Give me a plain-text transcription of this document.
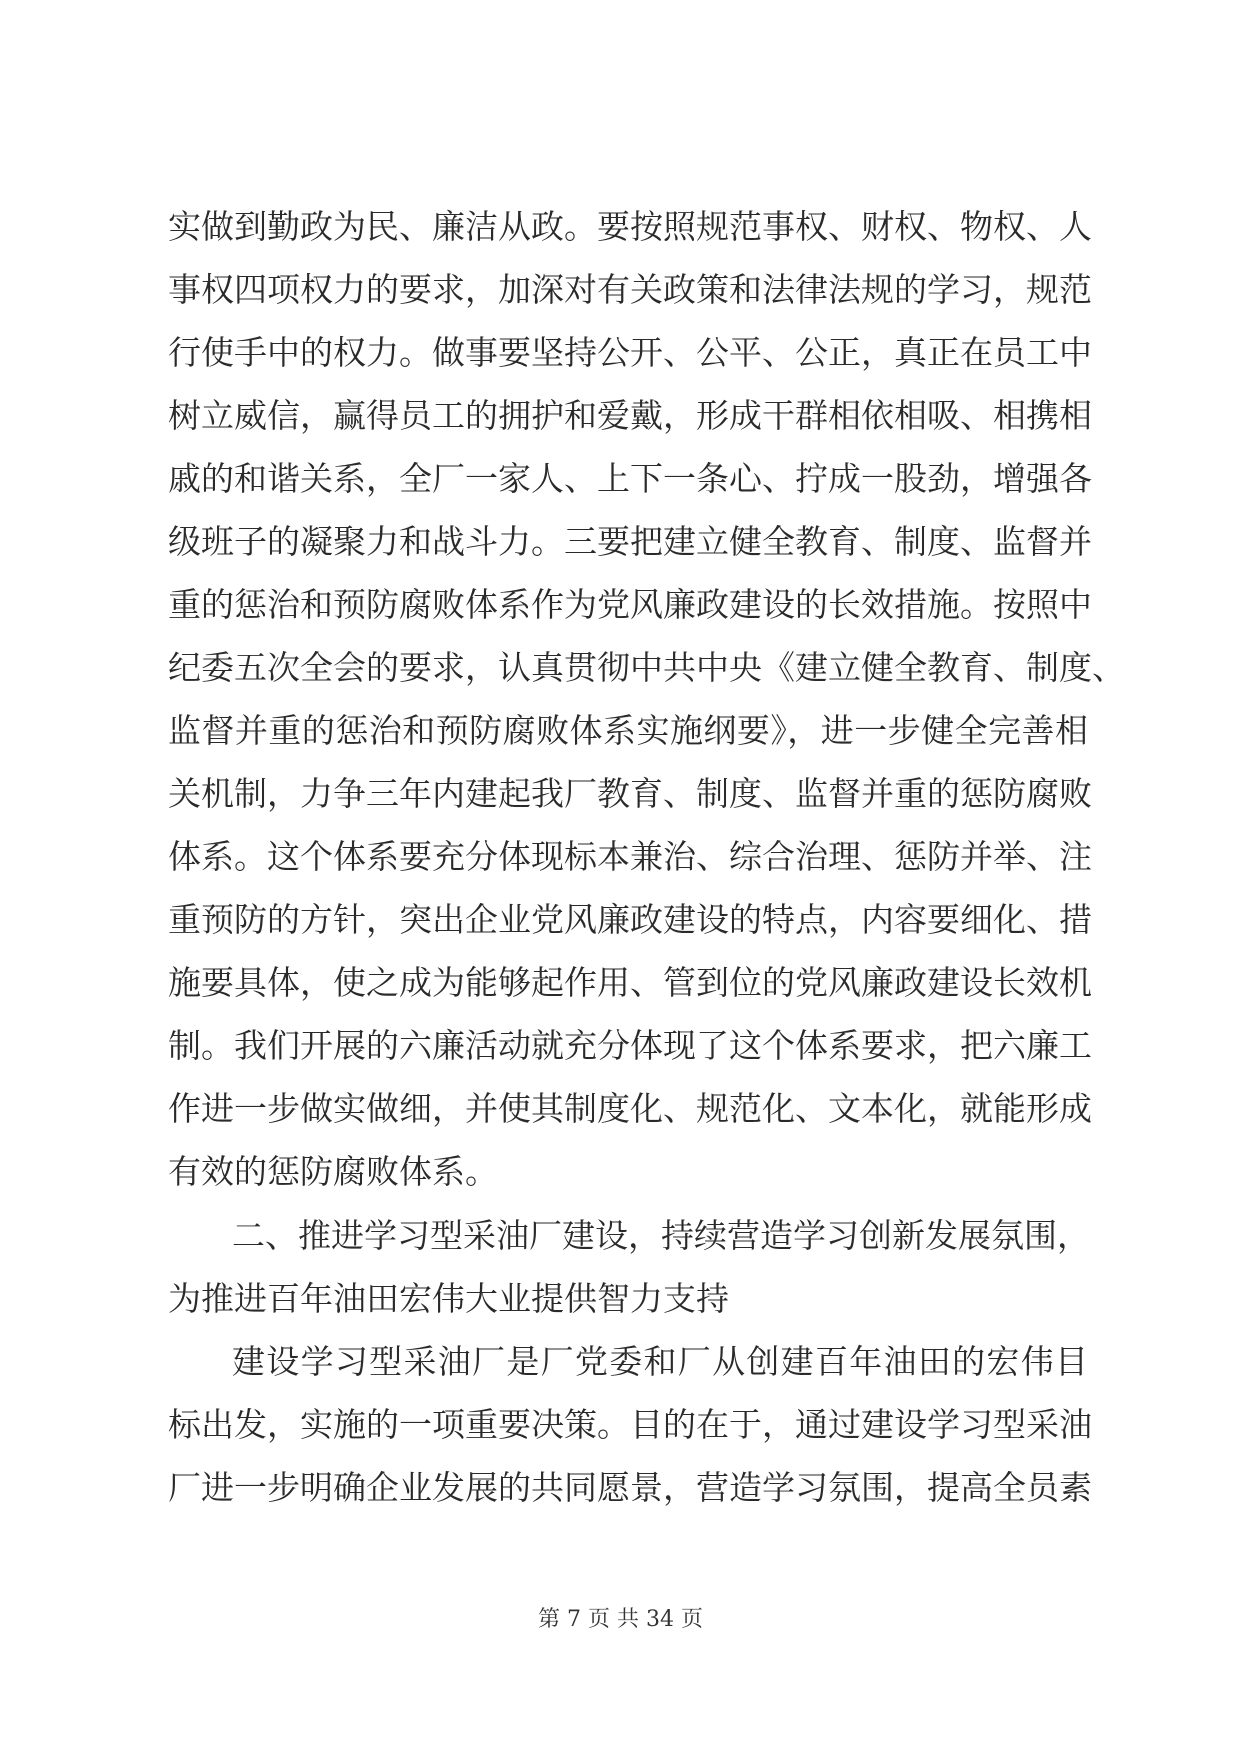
实做到勤政为民、廉洁从政。要按照规范事权、财权、物权、人
事权四项权力的要求，加深对有关政策和法律法规的学习，规范
行使手中的权力。做事要坚持公开、公平、公正，真正在员工中
树立威信，赢得员工的拥护和爱戴，形成干群相依相吸、相携相
戚的和谐关系，全厂一家人、上下一条心、拧成一股劲，增强各
级班子的凝聚力和战斗力。三要把建立健全教育、制度、监督并
重的惩治和预防腐败体系作为党风廉政建设的长效措施。按照中
纪委五次全会的要求，认真贯彻中共中央《建立健全教育、制度、
监督并重的惩治和预防腐败体系实施纲要》，进一步健全完善相
关机制，力争三年内建起我厂教育、制度、监督并重的惩防腐败
体系。这个体系要充分体现标本兼治、综合治理、惩防并举、注
重预防的方针，突出企业党风廉政建设的特点，内容要细化、措
施要具体，使之成为能够起作用、管到位的党风廉政建设长效机
制。我们开展的六廉活动就充分体现了这个体系要求，把六廉工
作进一步做实做细，并使其制度化、规范化、文本化，就能形成
有效的惩防腐败体系。
二、推进学习型采油厂建设，持续营造学习创新发展氛围，
为推进百年油田宏伟大业提供智力支持
建设学习型采油厂是厂党委和厂从创建百年油田的宏伟目
标出发，实施的一项重要决策。目的在于，通过建设学习型采油
厂进一步明确企业发展的共同愿景，营造学习氛围，提高全员素
第 7 页 共 34 页
